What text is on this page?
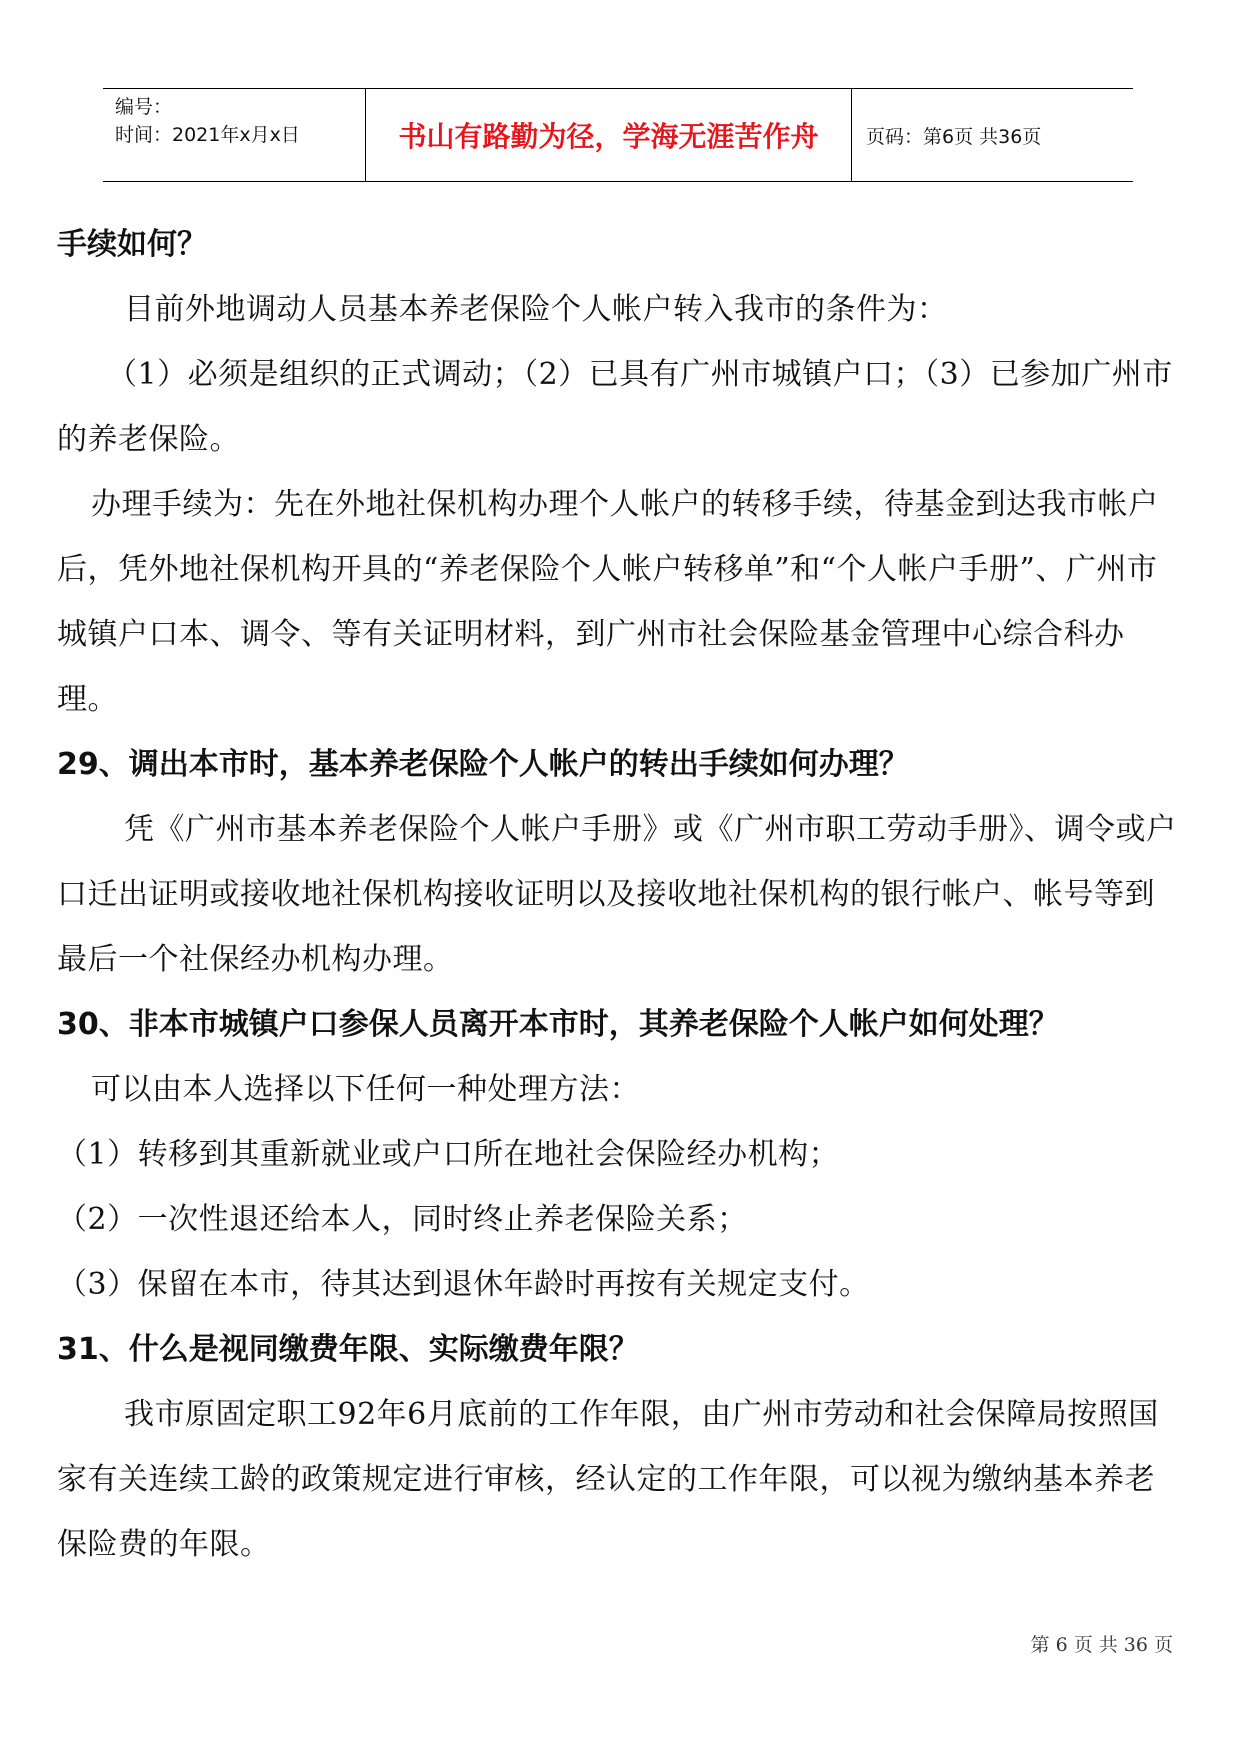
编号：
时间：2021年x月x日	书山有路勤为径，学海无涯苦作舟	页码：第6页 共36页

手续如何？

目前外地调动人员基本养老保险个人帐户转入我市的条件为：

（1）必须是组织的正式调动；（2）已具有广州市城镇户口；（3）已参加广州市的养老保险。

办理手续为：先在外地社保机构办理个人帐户的转移手续，待基金到达我市帐户后，凭外地社保机构开具的“养老保险个人帐户转移单”和“个人帐户手册”、广州市城镇户口本、调令、等有关证明材料，到广州市社会保险基金管理中心综合科办理。

29、调出本市时，基本养老保险个人帐户的转出手续如何办理？

凭《广州市基本养老保险个人帐户手册》或《广州市职工劳动手册》、调令或户口迁出证明或接收地社保机构接收证明以及接收地社保机构的银行帐户、帐号等到最后一个社保经办机构办理。

30、非本市城镇户口参保人员离开本市时，其养老保险个人帐户如何处理？

可以由本人选择以下任何一种处理方法：

（1）转移到其重新就业或户口所在地社会保险经办机构；

（2）一次性退还给本人，同时终止养老保险关系；

（3）保留在本市，待其达到退休年龄时再按有关规定支付。

31、什么是视同缴费年限、实际缴费年限？

我市原固定职工92年6月底前的工作年限，由广州市劳动和社会保障局按照国家有关连续工龄的政策规定进行审核，经认定的工作年限，可以视为缴纳基本养老保险费的年限。

第 6 页 共 36 页
